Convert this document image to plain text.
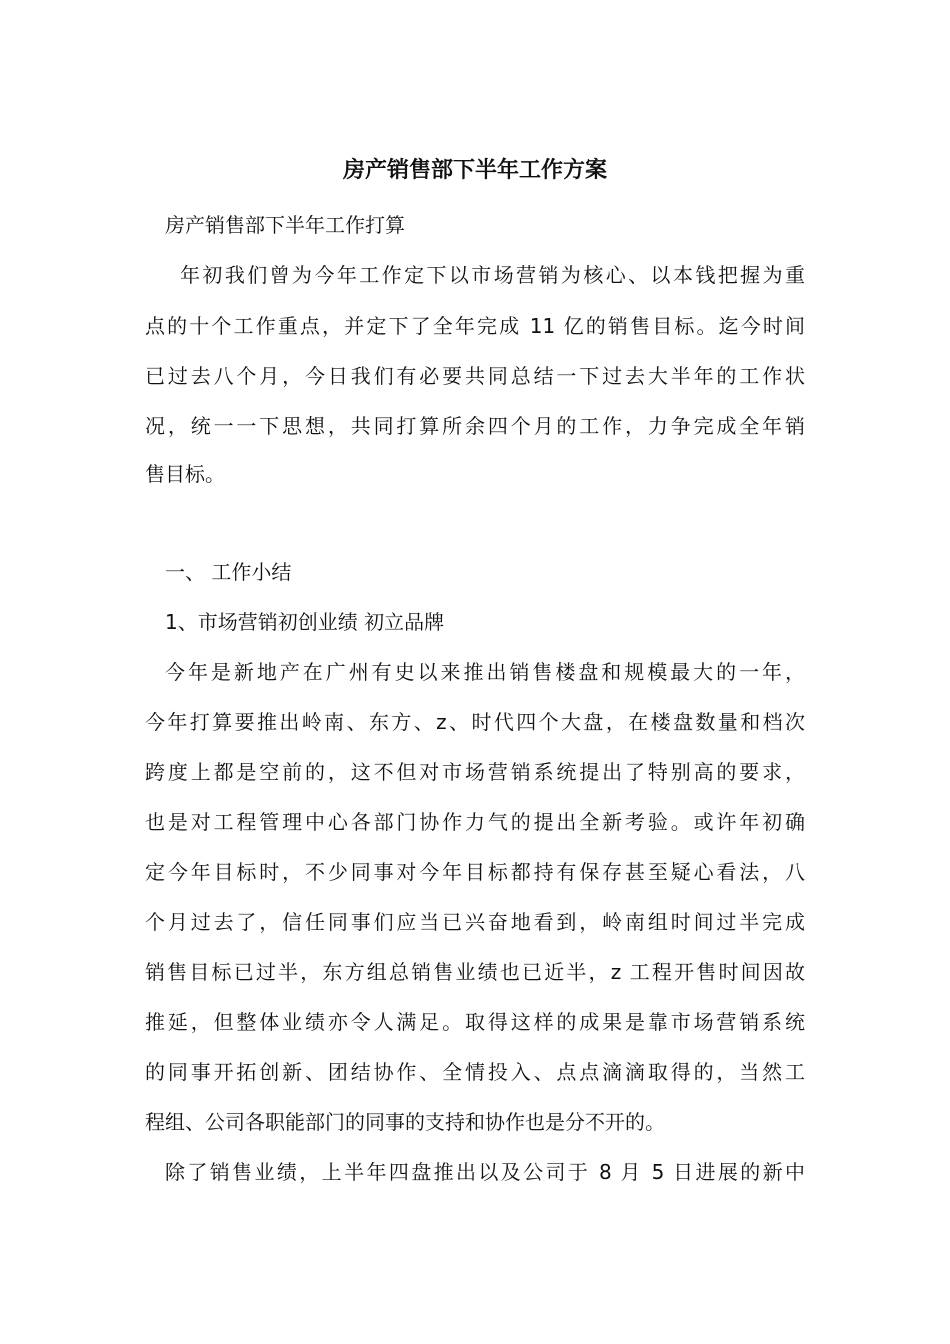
房产销售部下半年工作方案
房产销售部下半年工作打算
年初我们曾为今年工作定下以市场营销为核心、以本钱把握为重
点的十个工作重点，并定下了全年完成 11 亿的销售目标。迄今时间
已过去八个月，今日我们有必要共同总结一下过去大半年的工作状
况，统一一下思想，共同打算所余四个月的工作，力争完成全年销
售目标。
一、 工作小结
1、市场营销初创业绩 初立品牌
今年是新地产在广州有史以来推出销售楼盘和规模最大的一年，
今年打算要推出岭南、东方、z、时代四个大盘，在楼盘数量和档次
跨度上都是空前的，这不但对市场营销系统提出了特别高的要求，
也是对工程管理中心各部门协作力气的提出全新考验。或许年初确
定今年目标时，不少同事对今年目标都持有保存甚至疑心看法，八
个月过去了，信任同事们应当已兴奋地看到，岭南组时间过半完成
销售目标已过半，东方组总销售业绩也已近半，z 工程开售时间因故
推延，但整体业绩亦令人满足。取得这样的成果是靠市场营销系统
的同事开拓创新、团结协作、全情投入、点点滴滴取得的，当然工
程组、公司各职能部门的同事的支持和协作也是分不开的。
除了销售业绩，上半年四盘推出以及公司于 8 月 5 日进展的新中
